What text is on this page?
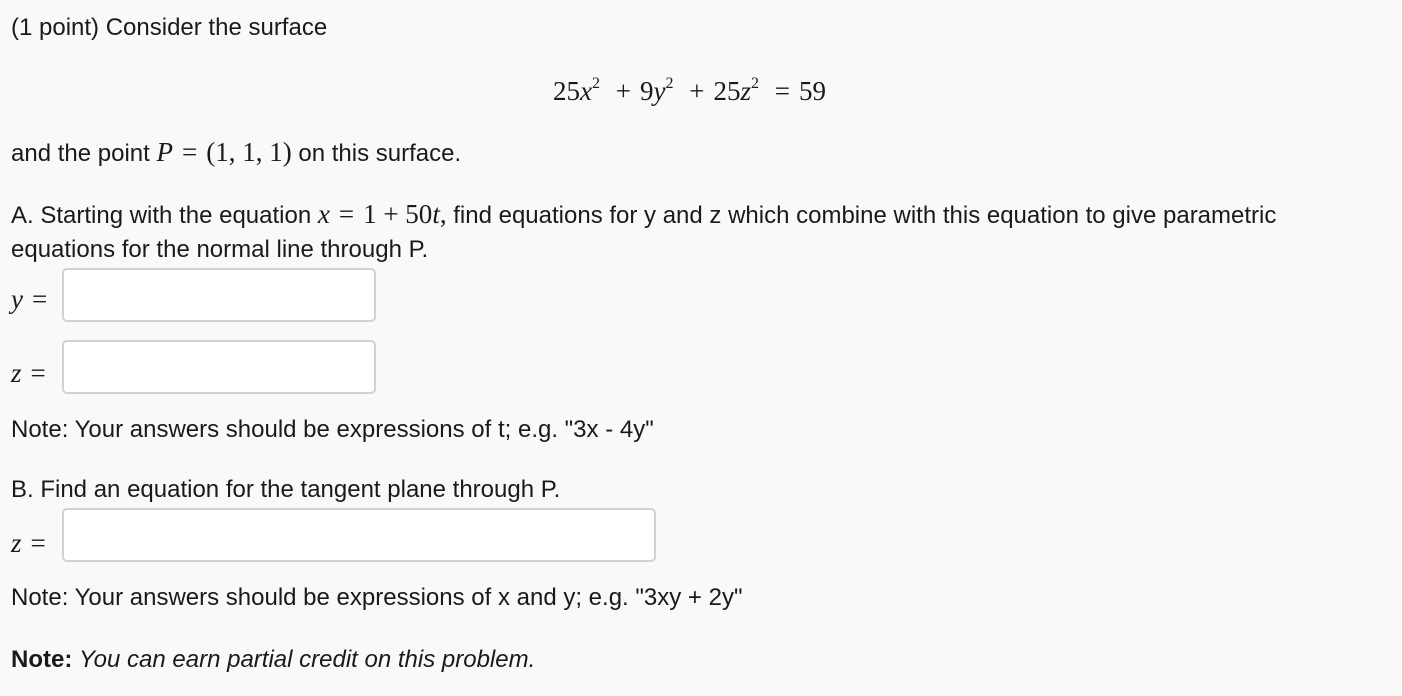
(1 point) Consider the surface
$25x^2 + 9y^2 + 25z^2 = 59$
and the point P = (1, 1, 1) on this surface.
A. Starting with the equation x = 1 + 50t, find equations for y and z which combine with this equation to give parametric
equations for the normal line through P.
y =
z =
Note: Your answers should be expressions of t; e.g. "3x - 4y"
B. Find an equation for the tangent plane through P.
z =
Note: Your answers should be expressions of x and y; e.g. "3xy + 2y"
Note: You can earn partial credit on this problem.
